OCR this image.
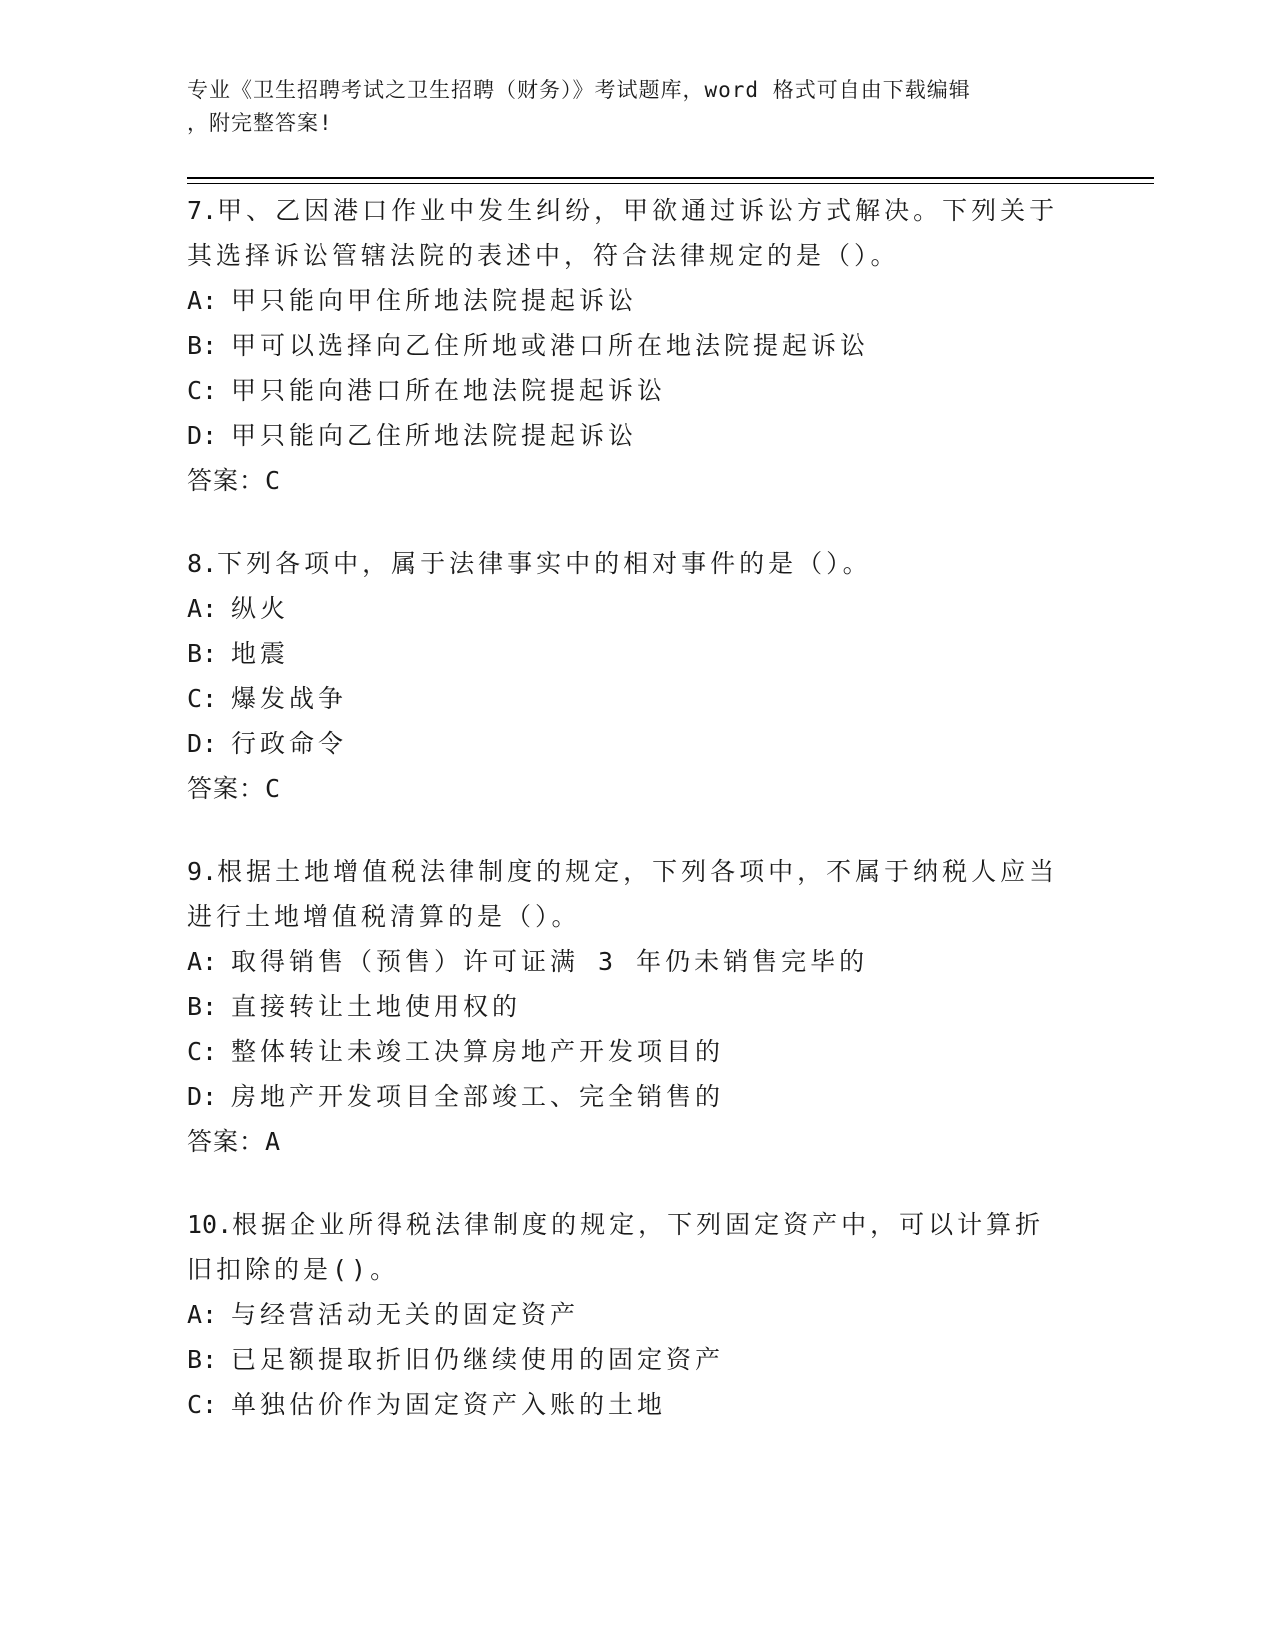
专业《卫生招聘考试之卫生招聘（财务）》考试题库，word 格式可自由下载编辑
，附完整答案!
7.甲、乙因港口作业中发生纠纷，甲欲通过诉讼方式解决。下列关于其选择诉讼管辖法院的表述中，符合法律规定的是（）。
A: 甲只能向甲住所地法院提起诉讼
B: 甲可以选择向乙住所地或港口所在地法院提起诉讼
C: 甲只能向港口所在地法院提起诉讼
D: 甲只能向乙住所地法院提起诉讼
答案：C
8.下列各项中，属于法律事实中的相对事件的是（）。
A: 纵火
B: 地震
C: 爆发战争
D: 行政命令
答案：C
9.根据土地增值税法律制度的规定，下列各项中，不属于纳税人应当进行土地增值税清算的是（）。
A: 取得销售（预售）许可证满 3 年仍未销售完毕的
B: 直接转让土地使用权的
C: 整体转让未竣工决算房地产开发项目的
D: 房地产开发项目全部竣工、完全销售的
答案：A
10.根据企业所得税法律制度的规定，下列固定资产中，可以计算折旧扣除的是()。
A: 与经营活动无关的固定资产
B: 已足额提取折旧仍继续使用的固定资产
C: 单独估价作为固定资产入账的土地
